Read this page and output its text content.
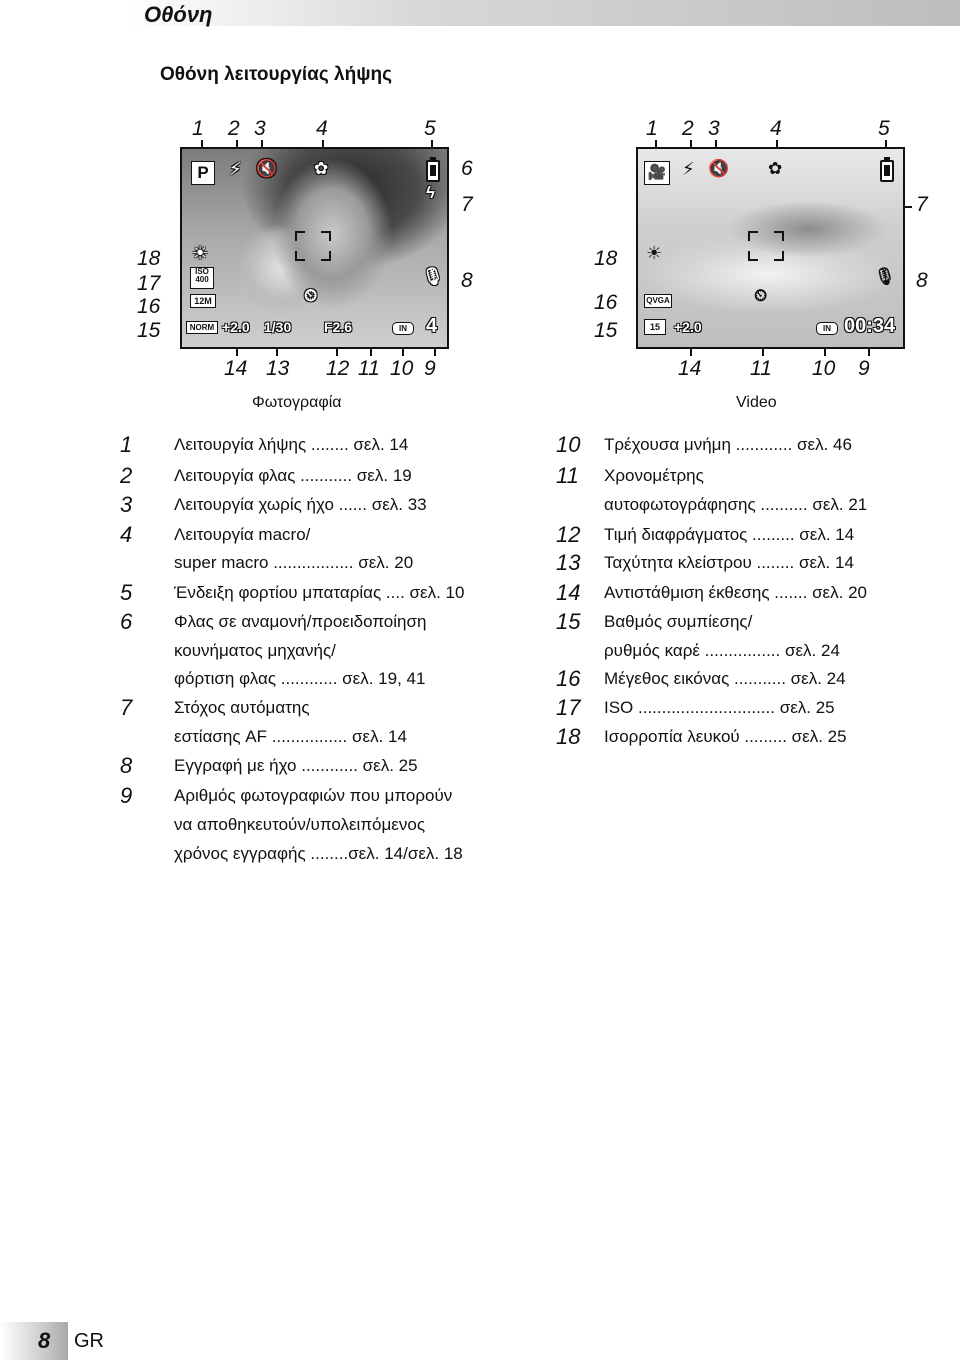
Οθόνη
Οθόνη λειτουργίας λήψης
1 2 3 4	5
6
7
8
18
17
16
15
14 13 12 11 10 9
P	⚡ 🔇 ✿
ϟ
☀
ISO
400
12M
🎙
⏲
NORM +2.0 1/30 F2.6	IN 4
Φωτογραφία
1 2 3 4	5
7
8
18
16
15
14 11 10 9
🎥 ⚡ 🔇 ✿
☀
QVGA
🎙
⏲
15	+2.0	IN 00:34
Video
1 Λειτουργία λήψης ........ σελ. 14
2 Λειτουργία φλας ........... σελ. 19
3 Λειτουργία χωρίς ήχο ...... σελ. 33
4 Λειτουργία macro/
super macro ................. σελ. 20
5 Ένδειξη φορτίου μπαταρίας .... σελ. 10
6 Φλας σε αναμονή/προειδοποίηση
κουνήματος μηχανής/
φόρτιση φλας ............ σελ. 19, 41
7 Στόχος αυτόματης
εστίασης AF ................ σελ. 14
8 Εγγραφή με ήχο ............ σελ. 25
9 Αριθμός φωτογραφιών που μπορούν
να αποθηκευτούν/υπολειπόμενος
χρόνος εγγραφής ........σελ. 14/σελ. 18
10 Τρέχουσα μνήμη ............ σελ. 46
11 Χρονομέτρης
αυτοφωτογράφησης .......... σελ. 21
12 Τιμή διαφράγματος ......... σελ. 14
13 Ταχύτητα κλείστρου ........ σελ. 14
14 Αντιστάθμιση έκθεσης ....... σελ. 20
15 Βαθμός συμπίεσης/
ρυθμός καρέ ................ σελ. 24
16 Μέγεθος εικόνας ........... σελ. 24
17 ISO ............................. σελ. 25
18 Ισορροπία λευκού ......... σελ. 25
8 GR
